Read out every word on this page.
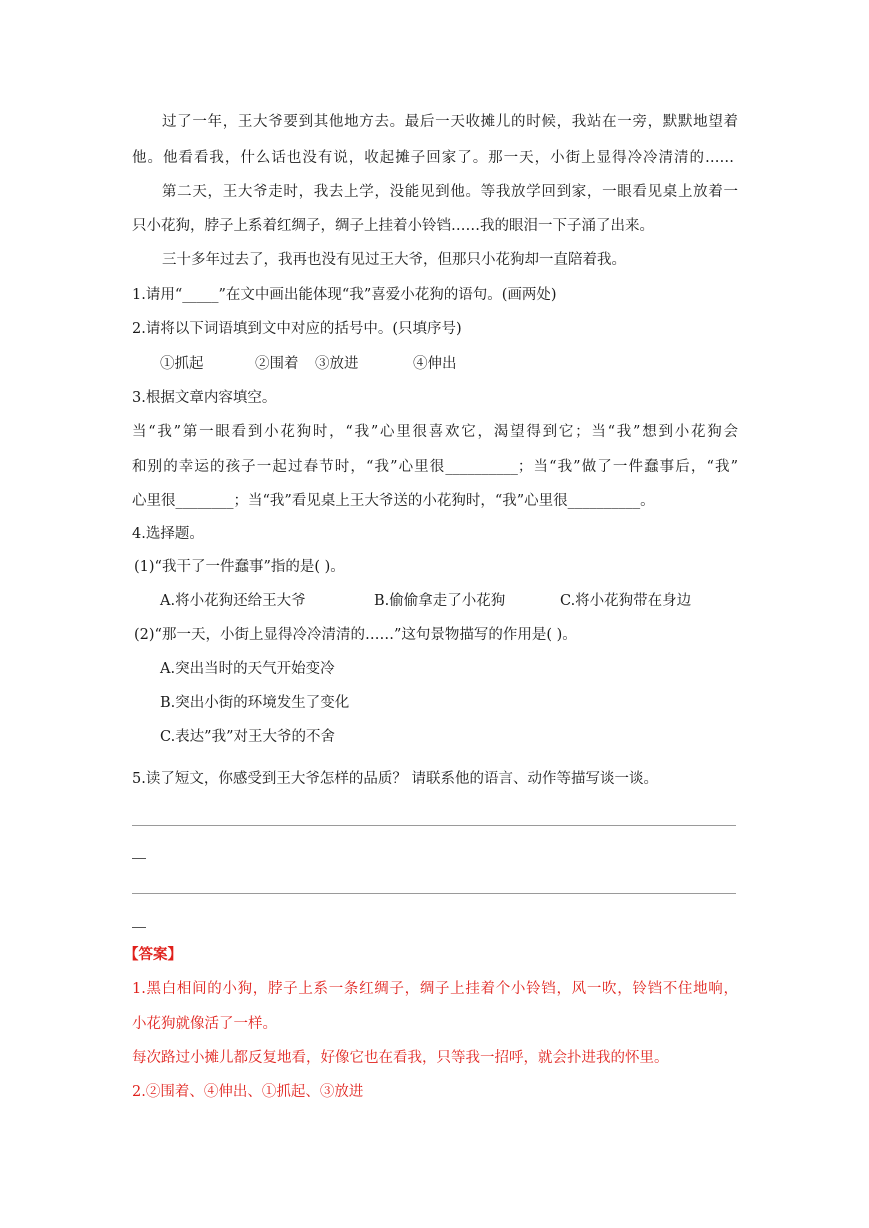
过了一年，王大爷要到其他地方去。最后一天收摊儿的时候，我站在一旁，默默地望着
他。他看看我，什么话也没有说，收起摊子回家了。那一天，小街上显得冷冷清清的……
第二天，王大爷走时，我去上学，没能见到他。等我放学回到家，一眼看见桌上放着一
只小花狗，脖子上系着红绸子，绸子上挂着小铃铛……我的眼泪一下子涌了出来。
三十多年过去了，我再也没有见过王大爷，但那只小花狗却一直陪着我。
1.请用“_____”在文中画出能体现“我”喜爱小花狗的语句。(画两处)
2.请将以下词语填到文中对应的括号中。(只填序号)
①抓起	②围着 ③放进	④伸出
3.根据文章内容填空。
当“我”第一眼看到小花狗时，“我”心里很喜欢它，渴望得到它；当“我”想到小花狗会
和别的幸运的孩子一起过春节时，“我”心里很__________；当“我”做了一件蠢事后，“我”
心里很________；当“我”看见桌上王大爷送的小花狗时，“我”心里很__________。
4.选择题。
(1)“我干了一件蠢事”指的是( )。
A.将小花狗还给王大爷	B.偷偷拿走了小花狗	C.将小花狗带在身边
(2)“那一天，小街上显得冷冷清清的……”这句景物描写的作用是( )。
A.突出当时的天气开始变冷
B.突出小街的环境发生了变化
C.表达”我”对王大爷的不舍
5.读了短文，你感受到王大爷怎样的品质？ 请联系他的语言、动作等描写谈一谈。
【答案】
1.黑白相间的小狗，脖子上系一条红绸子，绸子上挂着个小铃铛，风一吹，铃铛不住地响，
小花狗就像活了一样。
每次路过小摊儿都反复地看，好像它也在看我，只等我一招呼，就会扑进我的怀里。
2.②围着、④伸出、①抓起、③放进
